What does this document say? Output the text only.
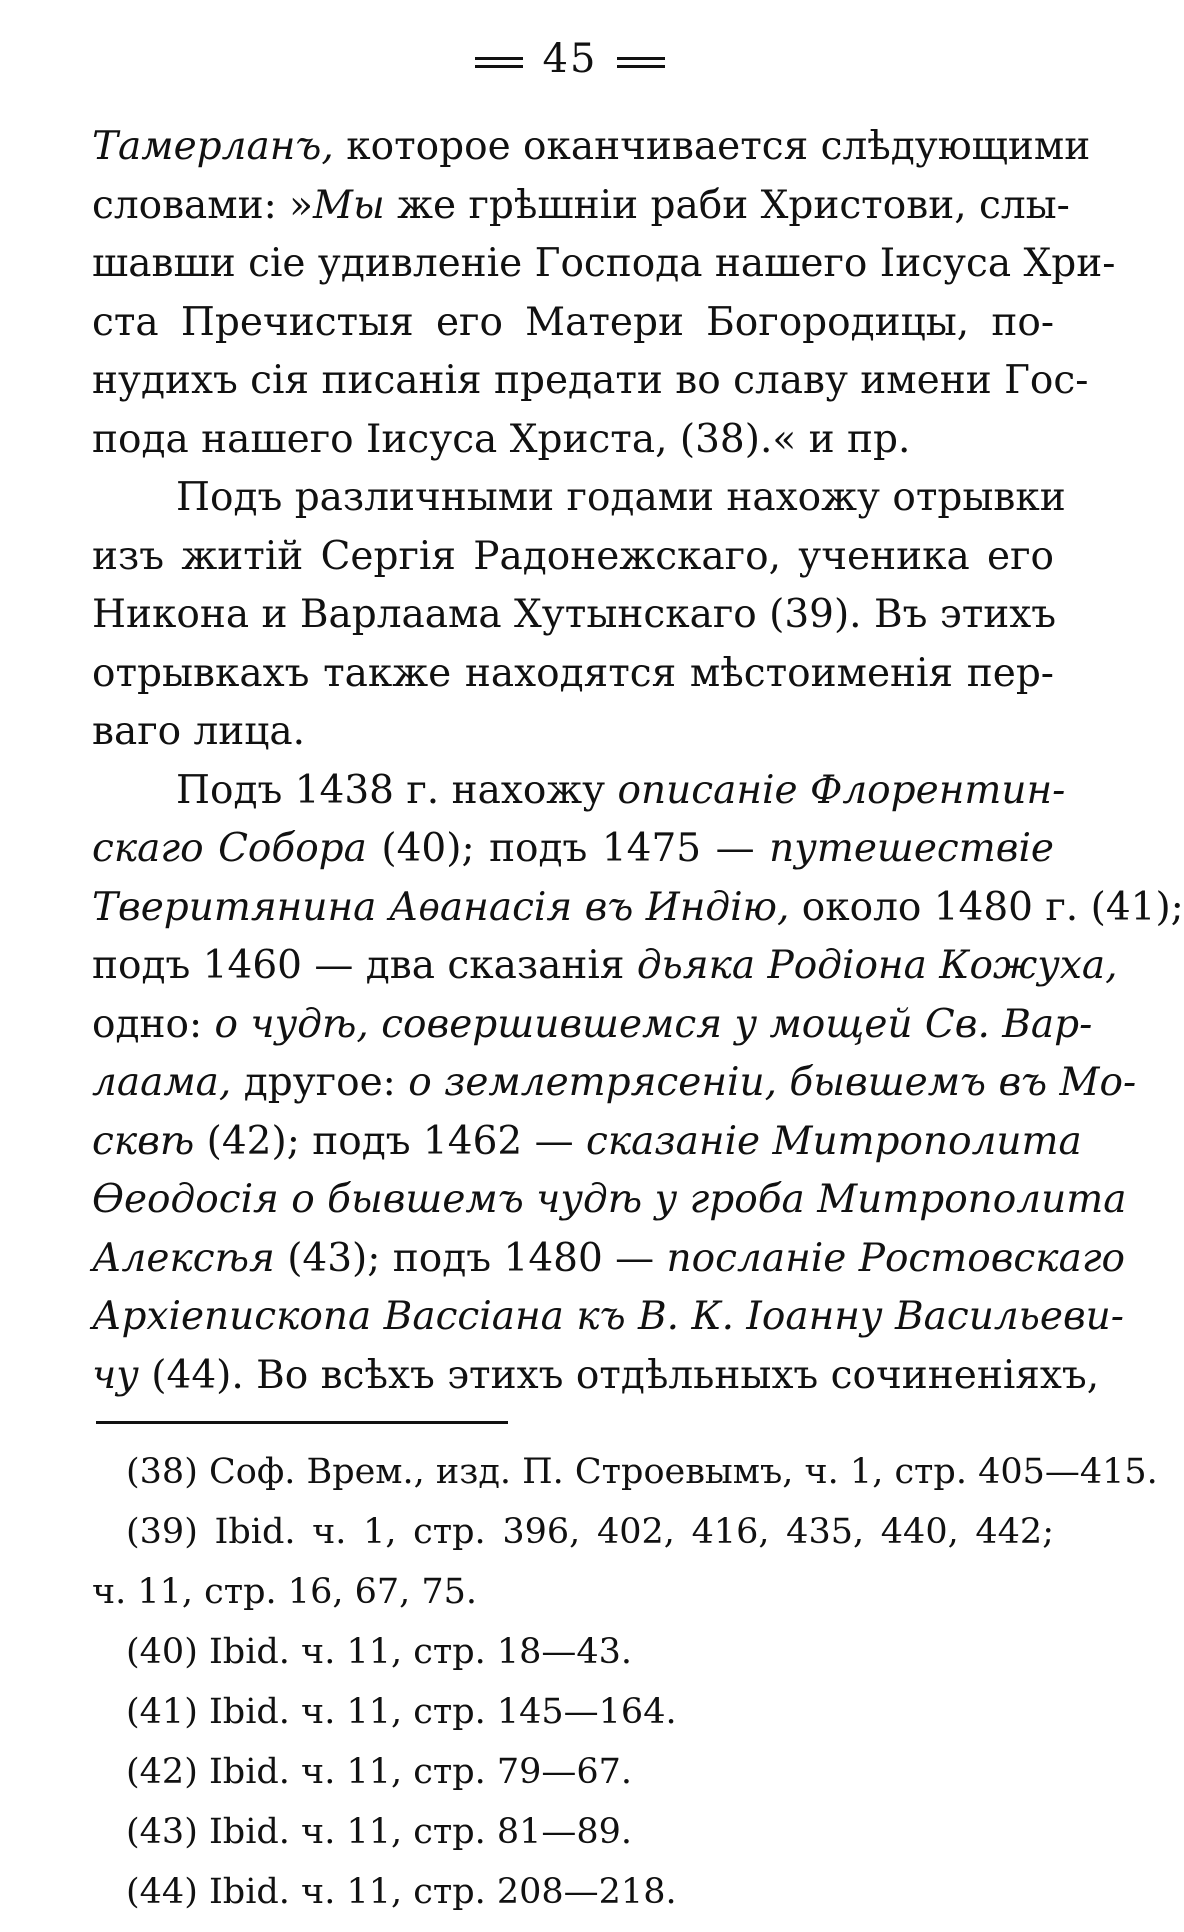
45
Тамерланъ, которое оканчивается слѣдующими
словами: »Мы же грѣшніи раби Христови, слы-
шавши сіе удивленіе Господа нашего Іисуса Хри-
ста Пречистыя его Матери Богородицы, по-
нудихъ сія писанія предати во славу имени Гос-
пода нашего Іисуса Христа, (38).« и пр.
Подъ различными годами нахожу отрывки
изъ житій Сергія Радонежскаго, ученика его
Никона и Варлаама Хутынскаго (39). Въ этихъ
отрывкахъ также находятся мѣстоименія пер-
ваго лица.
Подъ 1438 г. нахожу описаніе Флорентин-
скаго Собора (40); подъ 1475 — путешествіе
Тверитянина Аѳанасія въ Индію, около 1480 г. (41);
подъ 1460 — два сказанія дьяка Родіона Кожуха,
одно: о чудѣ, совершившемся у мощей Св. Вар-
лаама, другое: о землетрясеніи, бывшемъ въ Мо-
сквѣ (42); подъ 1462 — сказаніе Митрополита
Ѳеодосія о бывшемъ чудѣ у гроба Митрополита
Алексѣя (43); подъ 1480 — посланіе Ростовскаго
Архіепископа Вассіана къ В. К. Іоанну Васильеви-
чу (44). Во всѣхъ этихъ отдѣльныхъ сочиненіяхъ,
(38) Соф. Врем., изд. П. Строевымъ, ч. 1, стр. 405—415.
(39) Ibid. ч. 1, стр. 396, 402, 416, 435, 440, 442;
ч. 11, стр. 16, 67, 75.
(40) Ibid. ч. 11, стр. 18—43.
(41) Ibid. ч. 11, стр. 145—164.
(42) Ibid. ч. 11, стр. 79—67.
(43) Ibid. ч. 11, стр. 81—89.
(44) Ibid. ч. 11, стр. 208—218.
